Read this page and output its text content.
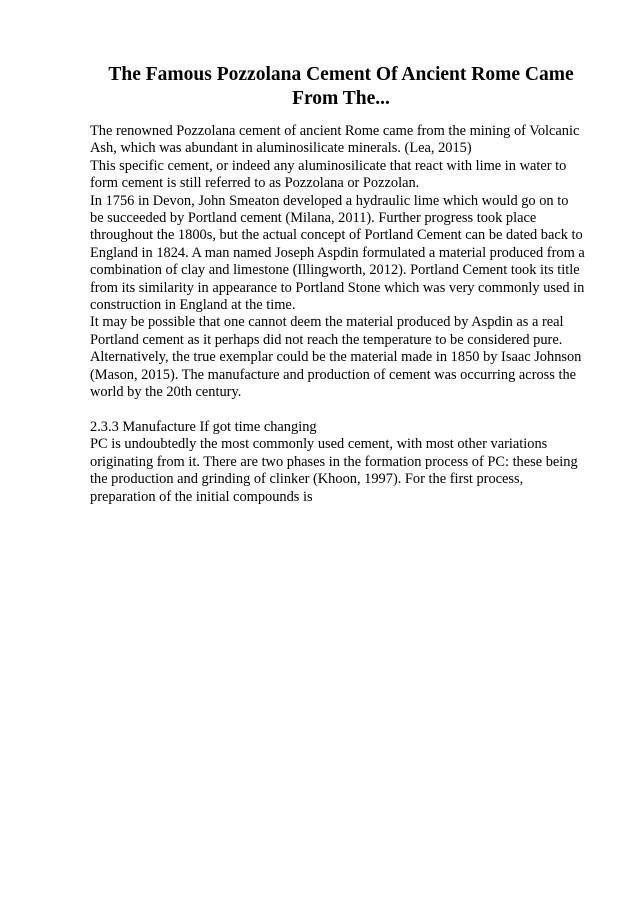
The Famous Pozzolana Cement Of Ancient Rome Came
From The...
The renowned Pozzolana cement of ancient Rome came from the mining of Volcanic
Ash, which was abundant in aluminosilicate minerals. (Lea, 2015)
This specific cement, or indeed any aluminosilicate that react with lime in water to
form cement is still referred to as Pozzolana or Pozzolan.
In 1756 in Devon, John Smeaton developed a hydraulic lime which would go on to
be succeeded by Portland cement (Milana, 2011). Further progress took place
throughout the 1800s, but the actual concept of Portland Cement can be dated back to
England in 1824. A man named Joseph Aspdin formulated a material produced from a
combination of clay and limestone (Illingworth, 2012). Portland Cement took its title
from its similarity in appearance to Portland Stone which was very commonly used in
construction in England at the time.
It may be possible that one cannot deem the material produced by Aspdin as a real
Portland cement as it perhaps did not reach the temperature to be considered pure.
Alternatively, the true exemplar could be the material made in 1850 by Isaac Johnson
(Mason, 2015). The manufacture and production of cement was occurring across the
world by the 20th century.
2.3.3 Manufacture If got time changing
PC is undoubtedly the most commonly used cement, with most other variations
originating from it. There are two phases in the formation process of PC: these being
the production and grinding of clinker (Khoon, 1997). For the first process,
preparation of the initial compounds is
